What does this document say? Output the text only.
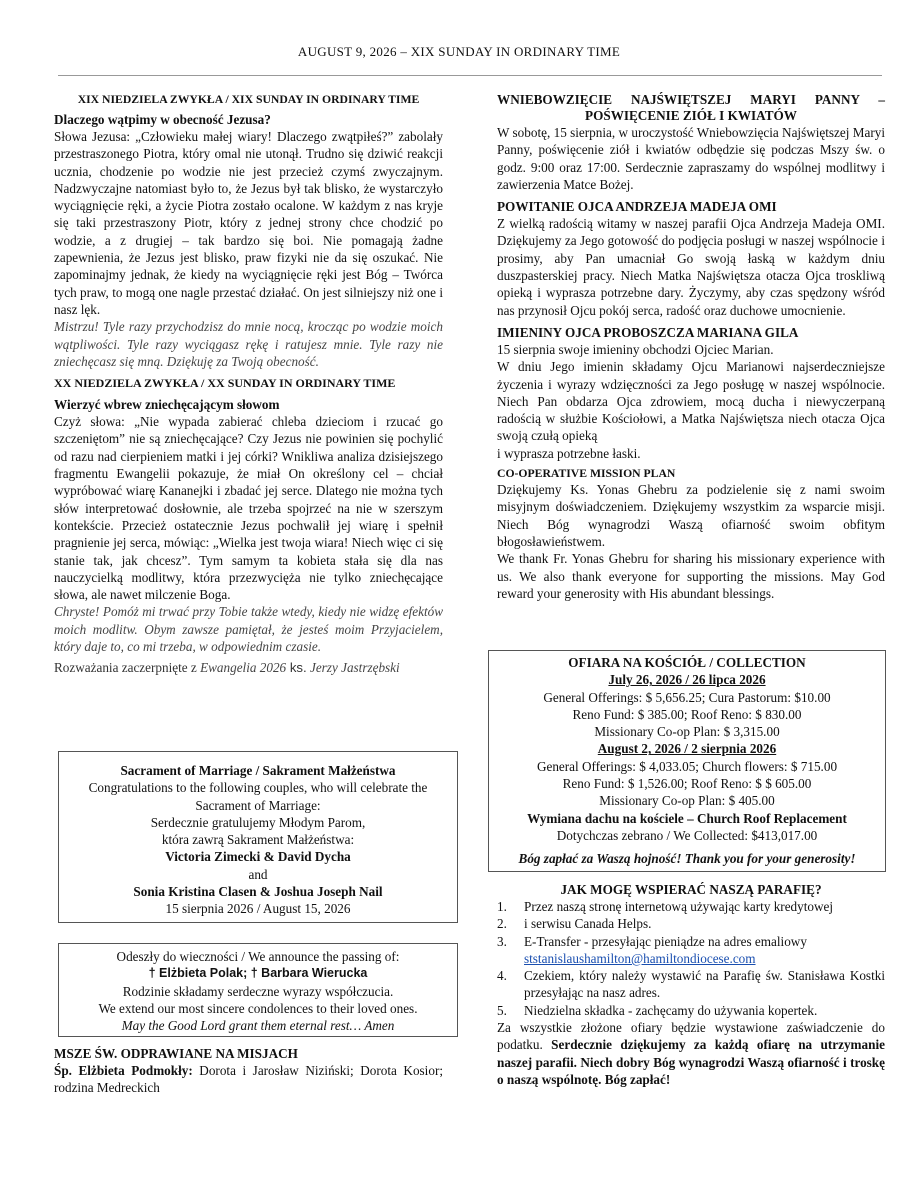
AUGUST 9, 2026 – XIX SUNDAY IN ORDINARY TIME
XIX NIEDZIELA ZWYKŁA / XIX SUNDAY IN ORDINARY TIME
Dlaczego wątpimy w obecność Jezusa?

Słowa Jezusa: „Człowieku małej wiary! Dlaczego zwątpiłeś?” zabolały przestraszonego Piotra, który omal nie utonął. Trudno się dziwić reakcji ucznia, chodzenie po wodzie nie jest przecież czymś zwyczajnym. Nadzwyczajne natomiast było to, że Jezus był tak blisko, że wystarczyło wyciągnięcie ręki, a życie Piotra zostało ocalone. W każdym z nas kryje się taki przestraszony Piotr, który z jednej strony chce chodzić po wodzie, a z drugiej – tak bardzo się boi. Nie pomagają żadne zapewnienia, że Jezus jest blisko, praw fizyki nie da się oszukać. Nie zapominajmy jednak, że kiedy na wyciągnięcie ręki jest Bóg – Twórca tych praw, to mogą one nagle przestać działać. On jest silniejszy niż one i nasz lęk.

Mistrzu! Tyle razy przychodzisz do mnie nocą, krocząc po wodzie moich wątpliwości. Tyle razy wyciągasz rękę i ratujesz mnie. Tyle razy nie zniechęcasz się mną. Dziękuję za Twoją obecność.

XX NIEDZIELA ZWYKŁA / XX SUNDAY IN ORDINARY TIME
Wierzyć wbrew zniechęcającym słowom

Czyż słowa: „Nie wypada zabierać chleba dzieciom i rzucać go szczeniętom” nie są zniechęcające? Czy Jezus nie powinien się pochylić od razu nad cierpieniem matki i jej córki? Wnikliwa analiza dzisiejszego fragmentu Ewangelii pokazuje, że miał On określony cel – chciał wypróbować wiarę Kananejki i zbadać jej serce. Dlatego nie można tych słów interpretować dosłownie, ale trzeba spojrzeć na nie w szerszym kontekście. Przecież ostatecznie Jezus pochwalił jej wiarę i spełnił pragnienie jej serca, mówiąc: „Wielka jest twoja wiara! Niech więc ci się stanie tak, jak chcesz”. Tym samym ta kobieta stała się dla nas nauczycielką modlitwy, która przezwycięża nie tylko zniechęcające słowa, ale nawet milczenie Boga.

Chryste! Pomóż mi trwać przy Tobie także wtedy, kiedy nie widzę efektów moich modlitw. Obym zawsze pamiętał, że jesteś moim Przyjacielem, który daje to, co mi trzeba, w odpowiednim czasie.

Rozważania zaczerpnięte z Ewangelia 2026 ks. Jerzy Jastrzębski

Sacrament of Marriage / Sakrament Małżeństwa
Congratulations to the following couples, who will celebrate the Sacrament of Marriage:
Serdecznie gratulujemy Młodym Parom,
która zawrą Sakrament Małżeństwa:
Victoria Zimecki & David Dycha
and
Sonia Kristina Clasen & Joshua Joseph Nail
15 sierpnia 2026 / August 15, 2026
Odeszły do wieczności / We announce the passing of:
† Elżbieta Polak; † Barbara Wierucka
Rodzinie składamy serdeczne wyrazy współczucia.
We extend our most sincere condolences to their loved ones.
May the Good Lord grant them eternal rest… Amen
MSZE ŚW. ODPRAWIANE NA MISJACH

Śp. Elżbieta Podmokły: Dorota i Jarosław Niziński; Dorota Kosior; rodzina Medreckich

WNIEBOWZIĘCIE NAJŚWIĘTSZEJ MARYI PANNY –
POŚWIĘCENIE ZIÓŁ I KWIATÓW

W sobotę, 15 sierpnia, w uroczystość Wniebowzięcia Najświętszej Maryi Panny, poświęcenie ziół i kwiatów odbędzie się podczas Mszy św. o godz. 9:00 oraz 17:00. Serdecznie zapraszamy do wspólnej modlitwy i zawierzenia Matce Bożej.

POWITANIE OJCA ANDRZEJA MADEJA OMI

Z wielką radością witamy w naszej parafii Ojca Andrzeja Madeja OMI. Dziękujemy za Jego gotowość do podjęcia posługi w naszej wspólnocie i prosimy, aby Pan umacniał Go swoją łaską w każdym dniu duszpasterskiej pracy. Niech Matka Najświętsza otacza Ojca troskliwą opieką i wyprasza potrzebne dary. Życzymy, aby czas spędzony wśród nas przynosił Ojcu pokój serca, radość oraz duchowe umocnienie.

IMIENINY OJCA PROBOSZCZA MARIANA GILA

15 sierpnia swoje imieniny obchodzi Ojciec Marian.

W dniu Jego imienin składamy Ojcu Marianowi najserdeczniejsze życzenia i wyrazy wdzięczności za Jego posługę w naszej wspólnocie. Niech Pan obdarza Ojca zdrowiem, mocą ducha i niewyczerpaną radością w służbie Kościołowi, a Matka Najświętsza niech otacza Ojca swoją czułą opieką

i wyprasza potrzebne łaski.

CO-OPERATIVE MISSION PLAN

Dziękujemy Ks. Yonas Ghebru za podzielenie się z nami swoim misyjnym doświadczeniem. Dziękujemy wszystkim za wsparcie misji. Niech Bóg wynagrodzi Waszą ofiarność swoim obfitym błogosławieństwem.

We thank Fr. Yonas Ghebru for sharing his missionary experience with us. We also thank everyone for supporting the missions. May God reward your generosity with His abundant blessings.

OFIARA NA KOŚCIÓŁ / COLLECTION
July 26, 2026 / 26 lipca 2026
General Offerings: $ 5,656.25; Cura Pastorum: $10.00
Reno Fund: $ 385.00; Roof Reno: $ 830.00
Missionary Co-op Plan: $ 3,315.00
August 2, 2026 / 2 sierpnia 2026
General Offerings: $ 4,033.05; Church flowers: $ 715.00
Reno Fund: $ 1,526.00; Roof Reno: $ $ 605.00
Missionary Co-op Plan: $ 405.00
Wymiana dachu na kościele – Church Roof Replacement
Dotychczas zebrano / We Collected: $413,017.00
Bóg zapłać za Waszą hojność! Thank you for your generosity!
JAK MOGĘ WSPIERAĆ NASZĄ PARAFIĘ?
1. Przez naszą stronę internetową używając karty kredytowej
2. i serwisu Canada Helps.
3. E-Transfer - przesyłając pieniądze na adres emaliowy
ststanislaushamilton@hamiltondiocese.com
4. Czekiem, który należy wystawić na Parafię św. Stanisława Kostki przesyłając na nasz adres.
5. Niedzielna składka - zachęcamy do używania kopertek.

Za wszystkie złożone ofiary będzie wystawione zaświadczenie do podatku. Serdecznie dziękujemy za każdą ofiarę na utrzymanie naszej parafii. Niech dobry Bóg wynagrodzi Waszą ofiarność i troskę o naszą wspólnotę. Bóg zapłać!
